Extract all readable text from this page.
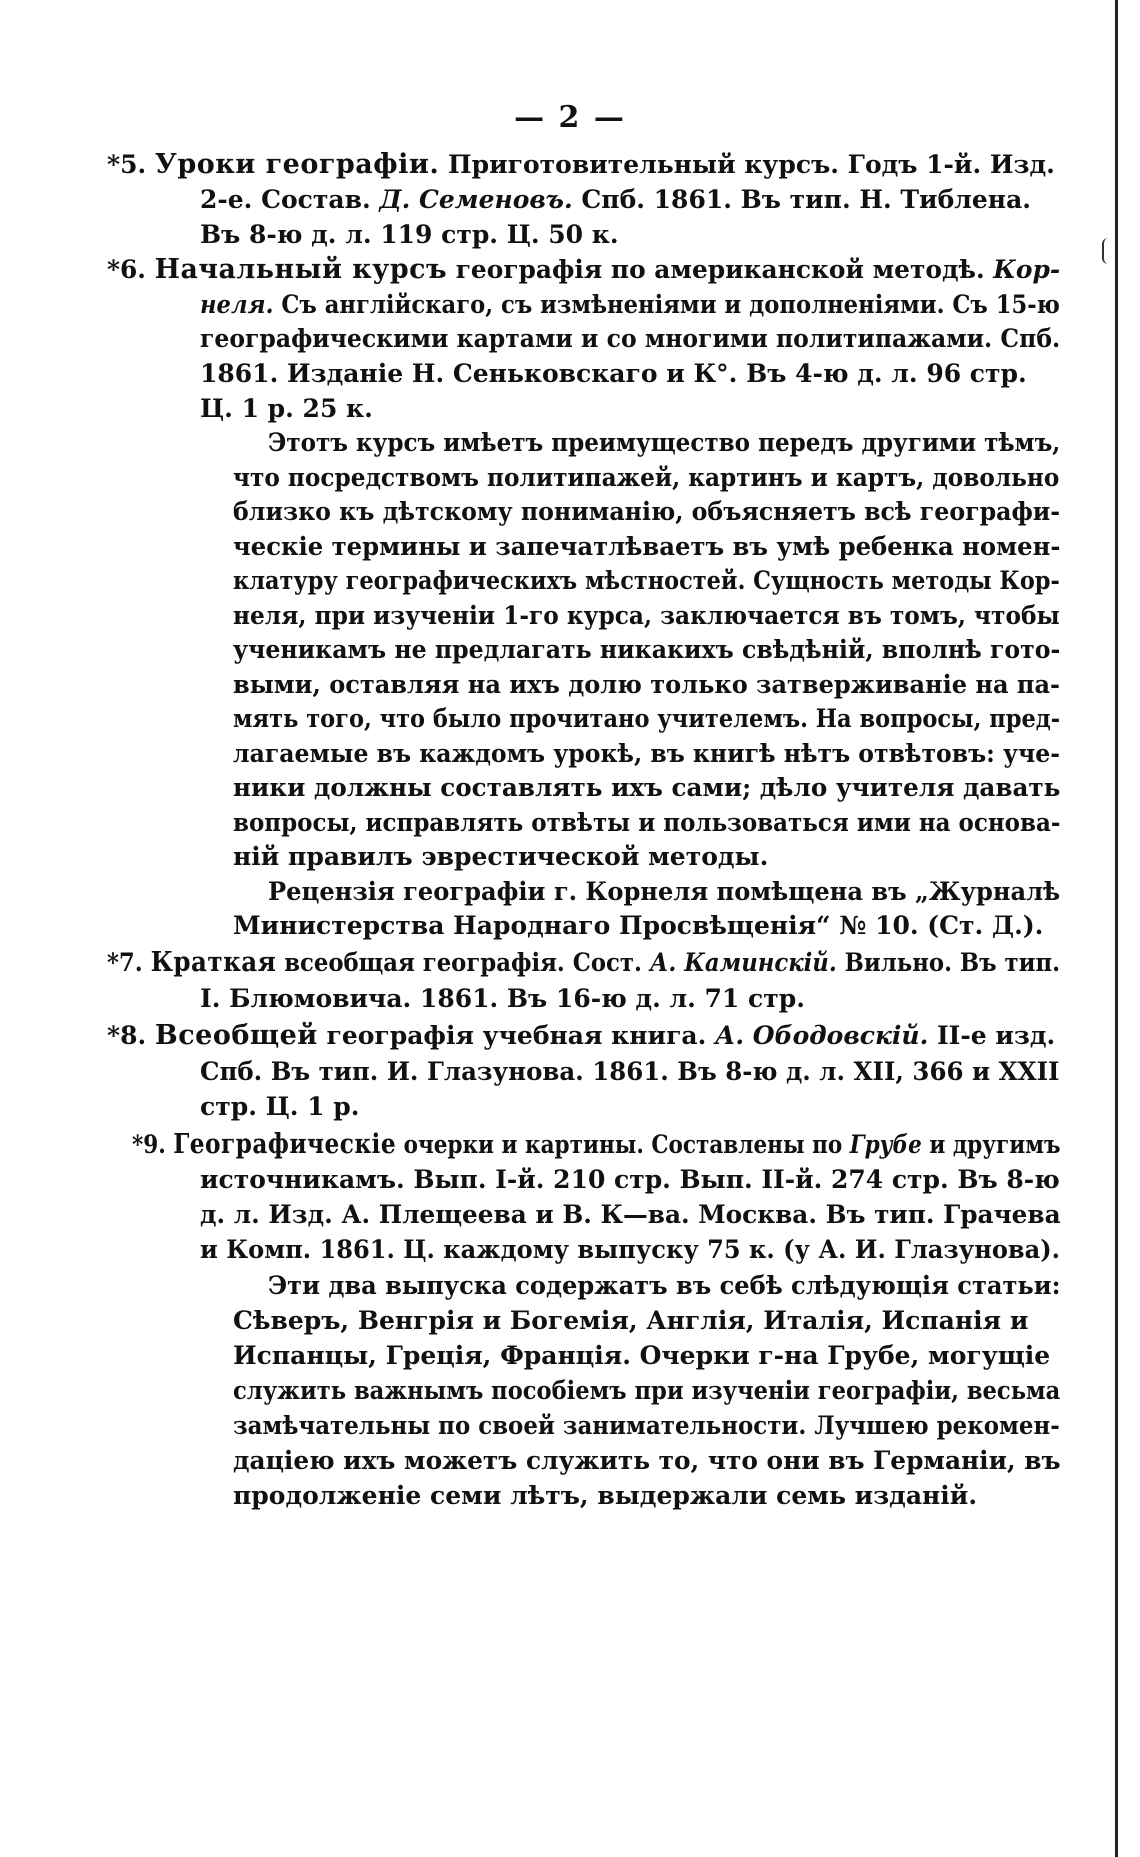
— 2 —
*5. Уроки географіи. Приготовительный курсъ. Годъ 1-й. Изд.
2-е. Состав. Д. Семеновъ. Спб. 1861. Въ тип. Н. Тиблена.
Въ 8-ю д. л. 119 стр. Ц. 50 к.
*6. Начальный курсъ географія по американской методѣ. Кор-
неля. Съ англійскаго, съ измѣненіями и дополненіями. Съ 15-ю
географическими картами и со многими политипажами. Спб.
1861. Изданіе Н. Сеньковскаго и К°. Въ 4-ю д. л. 96 стр.
Ц. 1 р. 25 к.
Этотъ курсъ имѣетъ преимущество передъ другими тѣмъ,
что посредствомъ политипажей, картинъ и картъ, довольно
близко къ дѣтскому пониманію, объясняетъ всѣ географи-
ческіе термины и запечатлѣваетъ въ умѣ ребенка номен-
клатуру географическихъ мѣстностей. Сущность методы Кор-
неля, при изученіи 1-го курса, заключается въ томъ, чтобы
ученикамъ не предлагать никакихъ свѣдѣній, вполнѣ гото-
выми, оставляя на ихъ долю только затверживаніе на па-
мять того, что было прочитано учителемъ. На вопросы, пред-
лагаемые въ каждомъ урокѣ, въ книгѣ нѣтъ отвѣтовъ: уче-
ники должны составлять ихъ сами; дѣло учителя давать
вопросы, исправлять отвѣты и пользоваться ими на основа-
ній правилъ эврестической методы.
Рецензія географіи г. Корнеля помѣщена въ „Журналѣ
Министерства Народнаго Просвѣщенія“ № 10. (Ст. Д.).
*7. Краткая всеобщая географія. Сост. А. Каминскій. Вильно. Въ тип.
І. Блюмовича. 1861. Въ 16-ю д. л. 71 стр.
*8. Всеобщей географія учебная книга. А. Ободовскій. II-е изд.
Спб. Въ тип. И. Глазунова. 1861. Въ 8-ю д. л. XII, 366 и XXII
стр. Ц. 1 р.
*9. Географическіе очерки и картины. Составлены по Грубе и другимъ
источникамъ. Вып. І-й. 210 стр. Вып. II-й. 274 стр. Въ 8-ю
д. л. Изд. А. Плещеева и В. К—ва. Москва. Въ тип. Грачева
и Комп. 1861. Ц. каждому выпуску 75 к. (у А. И. Глазунова).
Эти два выпуска содержатъ въ себѣ слѣдующія статьи:
Сѣверъ, Венгрія и Богемія, Англія, Италія, Испанія и
Испанцы, Греція, Франція. Очерки г-на Грубе, могущіе
служить важнымъ пособіемъ при изученіи географіи, весьма
замѣчательны по своей занимательности. Лучшею рекомен-
даціею ихъ можетъ служить то, что они въ Германіи, въ
продолженіе семи лѣтъ, выдержали семь изданій.
